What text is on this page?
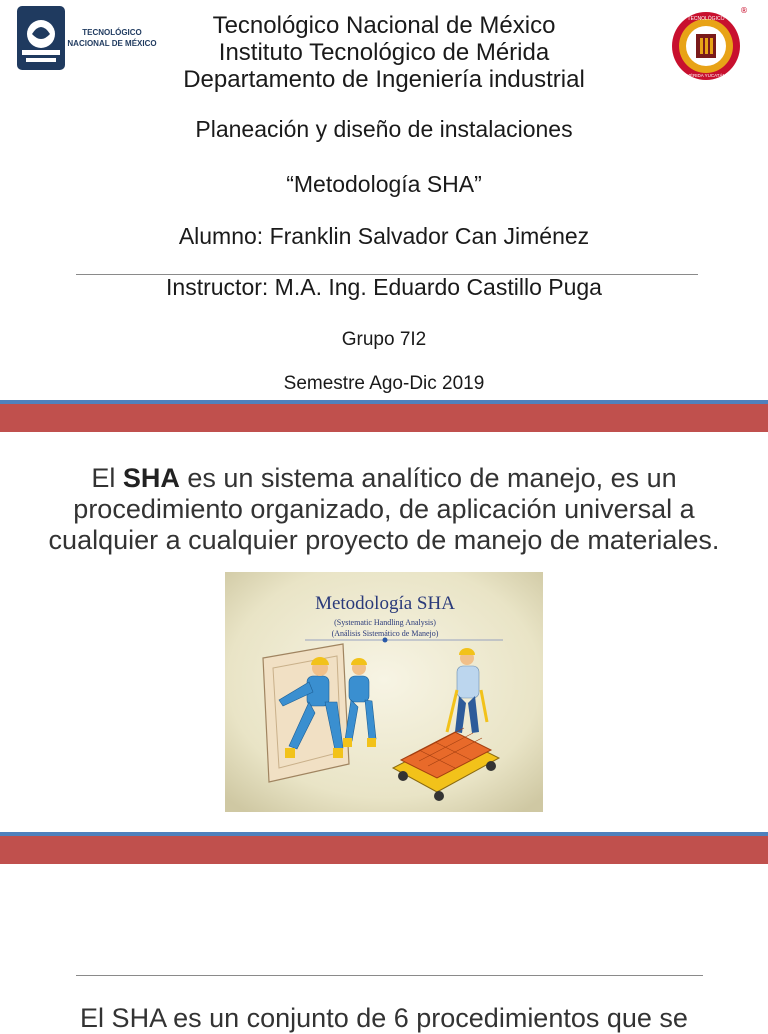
TECNOLÓGICO
NACIONAL DE MÉXICO
Tecnológico Nacional de México
Instituto Tecnológico de Mérida
Departamento de Ingeniería industrial
®
TECNOLÓGICO
MÉRIDA YUCATÁN
Planeación y diseño de instalaciones
“Metodología SHA”
Alumno: Franklin Salvador Can Jiménez
Instructor: M.A. Ing. Eduardo Castillo Puga
Grupo 7I2
Semestre Ago-Dic 2019
El SHA es un sistema analítico de manejo, es un
procedimiento organizado, de aplicación universal a
cualquier a cualquier proyecto de manejo de materiales.
Metodología SHA
(Systematic Handling Analysis)
(Análisis Sistemático de Manejo)
El SHA es un conjunto de 6 procedimientos que se
